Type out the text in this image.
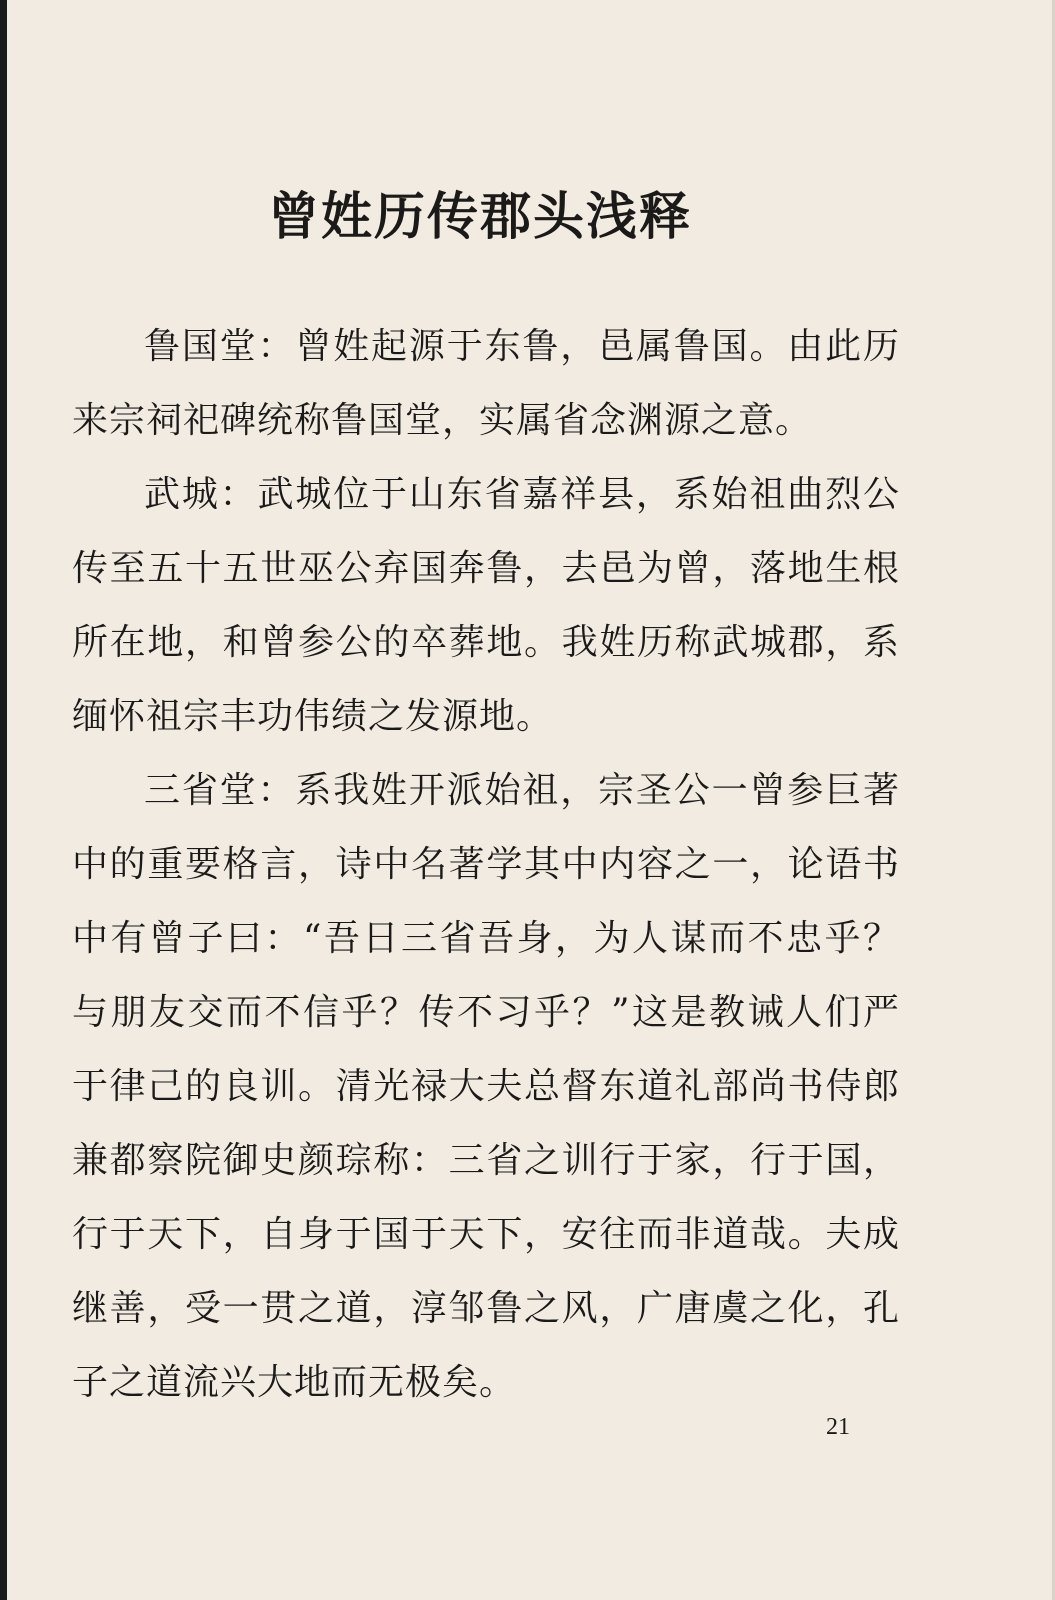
曾姓历传郡头浅释

鲁国堂：曾姓起源于东鲁，邑属鲁国。由此历来宗祠祀碑统称鲁国堂，实属省念渊源之意。

武城：武城位于山东省嘉祥县，系始祖曲烈公传至五十五世巫公弃国奔鲁，去邑为曾，落地生根所在地，和曾参公的卒葬地。我姓历称武城郡，系缅怀祖宗丰功伟绩之发源地。

三省堂：系我姓开派始祖，宗圣公一曾参巨著中的重要格言，诗中名著学其中内容之一，论语书中有曾子曰：“吾日三省吾身，为人谋而不忠乎？与朋友交而不信乎？传不习乎？”这是教诫人们严于律己的良训。清光禄大夫总督东道礼部尚书侍郎兼都察院御史颜琮称：三省之训行于家，行于国，行于天下，自身于国于天下，安往而非道哉。夫成继善，受一贯之道，淳邹鲁之风，广唐虞之化，孔子之道流兴大地而无极矣。

21
